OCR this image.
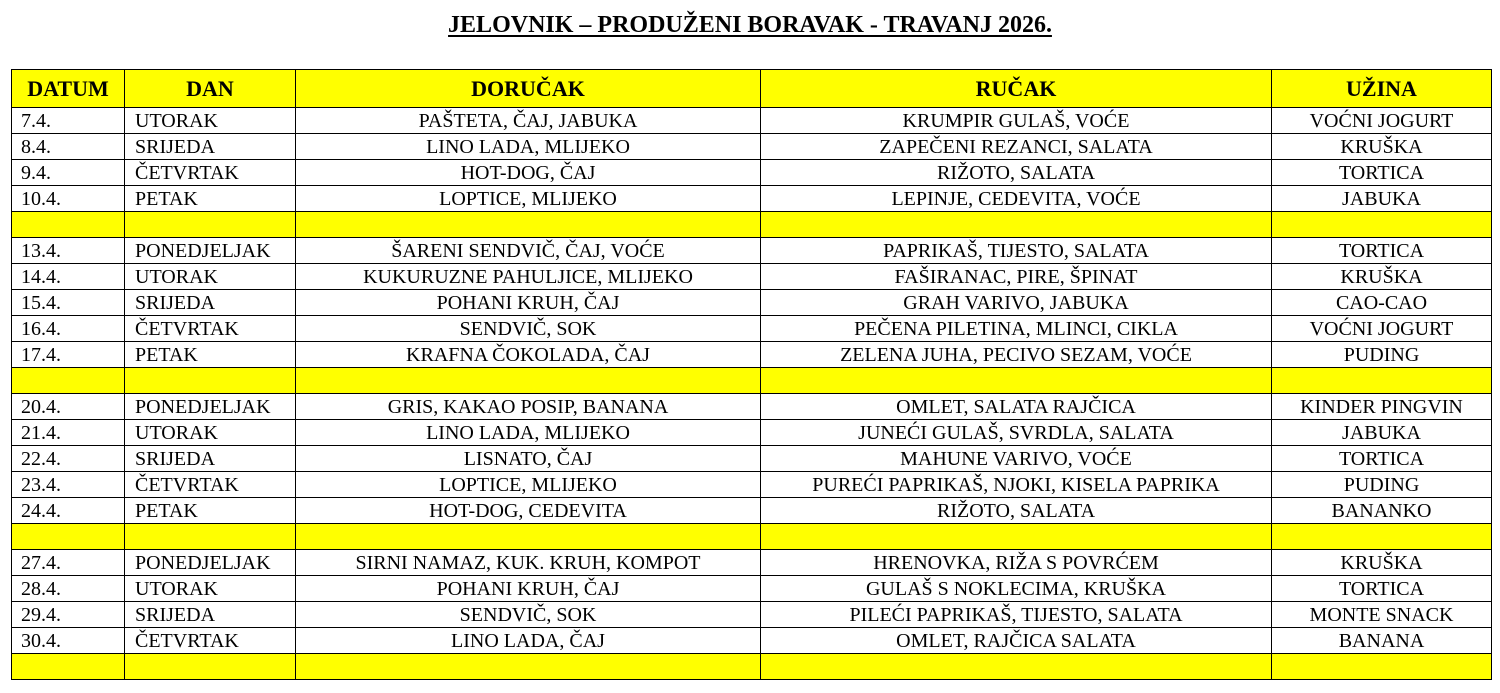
JELOVNIK – PRODUŽENI BORAVAK - TRAVANJ 2026.
DATUM	DAN	DORUČAK	RUČAK	UŽINA
7.4.	UTORAK	PAŠTETA, ČAJ, JABUKA	KRUMPIR GULAŠ, VOĆE	VOĆNI JOGURT
8.4.	SRIJEDA	LINO LADA, MLIJEKO	ZAPEČENI REZANCI, SALATA	KRUŠKA
9.4.	ČETVRTAK	HOT-DOG, ČAJ	RIŽOTO, SALATA	TORTICA
10.4.	PETAK	LOPTICE, MLIJEKO	LEPINJE, CEDEVITA, VOĆE	JABUKA

13.4.	PONEDJELJAK	ŠARENI SENDVIČ, ČAJ, VOĆE	PAPRIKAŠ, TIJESTO, SALATA	TORTICA
14.4.	UTORAK	KUKURUZNE PAHULJICE, MLIJEKO	FAŠIRANAC, PIRE, ŠPINAT	KRUŠKA
15.4.	SRIJEDA	POHANI KRUH, ČAJ	GRAH VARIVO, JABUKA	CAO-CAO
16.4.	ČETVRTAK	SENDVIČ, SOK	PEČENA PILETINA, MLINCI, CIKLA	VOĆNI JOGURT
17.4.	PETAK	KRAFNA ČOKOLADA, ČAJ	ZELENA JUHA, PECIVO SEZAM, VOĆE	PUDING

20.4.	PONEDJELJAK	GRIS, KAKAO POSIP, BANANA	OMLET, SALATA RAJČICA	KINDER PINGVIN
21.4.	UTORAK	LINO LADA, MLIJEKO	JUNEĆI GULAŠ, SVRDLA, SALATA	JABUKA
22.4.	SRIJEDA	LISNATO, ČAJ	MAHUNE VARIVO, VOĆE	TORTICA
23.4.	ČETVRTAK	LOPTICE, MLIJEKO	PUREĆI PAPRIKAŠ, NJOKI, KISELA PAPRIKA	PUDING
24.4.	PETAK	HOT-DOG, CEDEVITA	RIŽOTO, SALATA	BANANKO

27.4.	PONEDJELJAK	SIRNI NAMAZ, KUK. KRUH, KOMPOT	HRENOVKA, RIŽA S POVRĆEM	KRUŠKA
28.4.	UTORAK	POHANI KRUH, ČAJ	GULAŠ S NOKLECIMA, KRUŠKA	TORTICA
29.4.	SRIJEDA	SENDVIČ, SOK	PILEĆI PAPRIKAŠ, TIJESTO, SALATA	MONTE SNACK
30.4.	ČETVRTAK	LINO LADA, ČAJ	OMLET, RAJČICA SALATA	BANANA
